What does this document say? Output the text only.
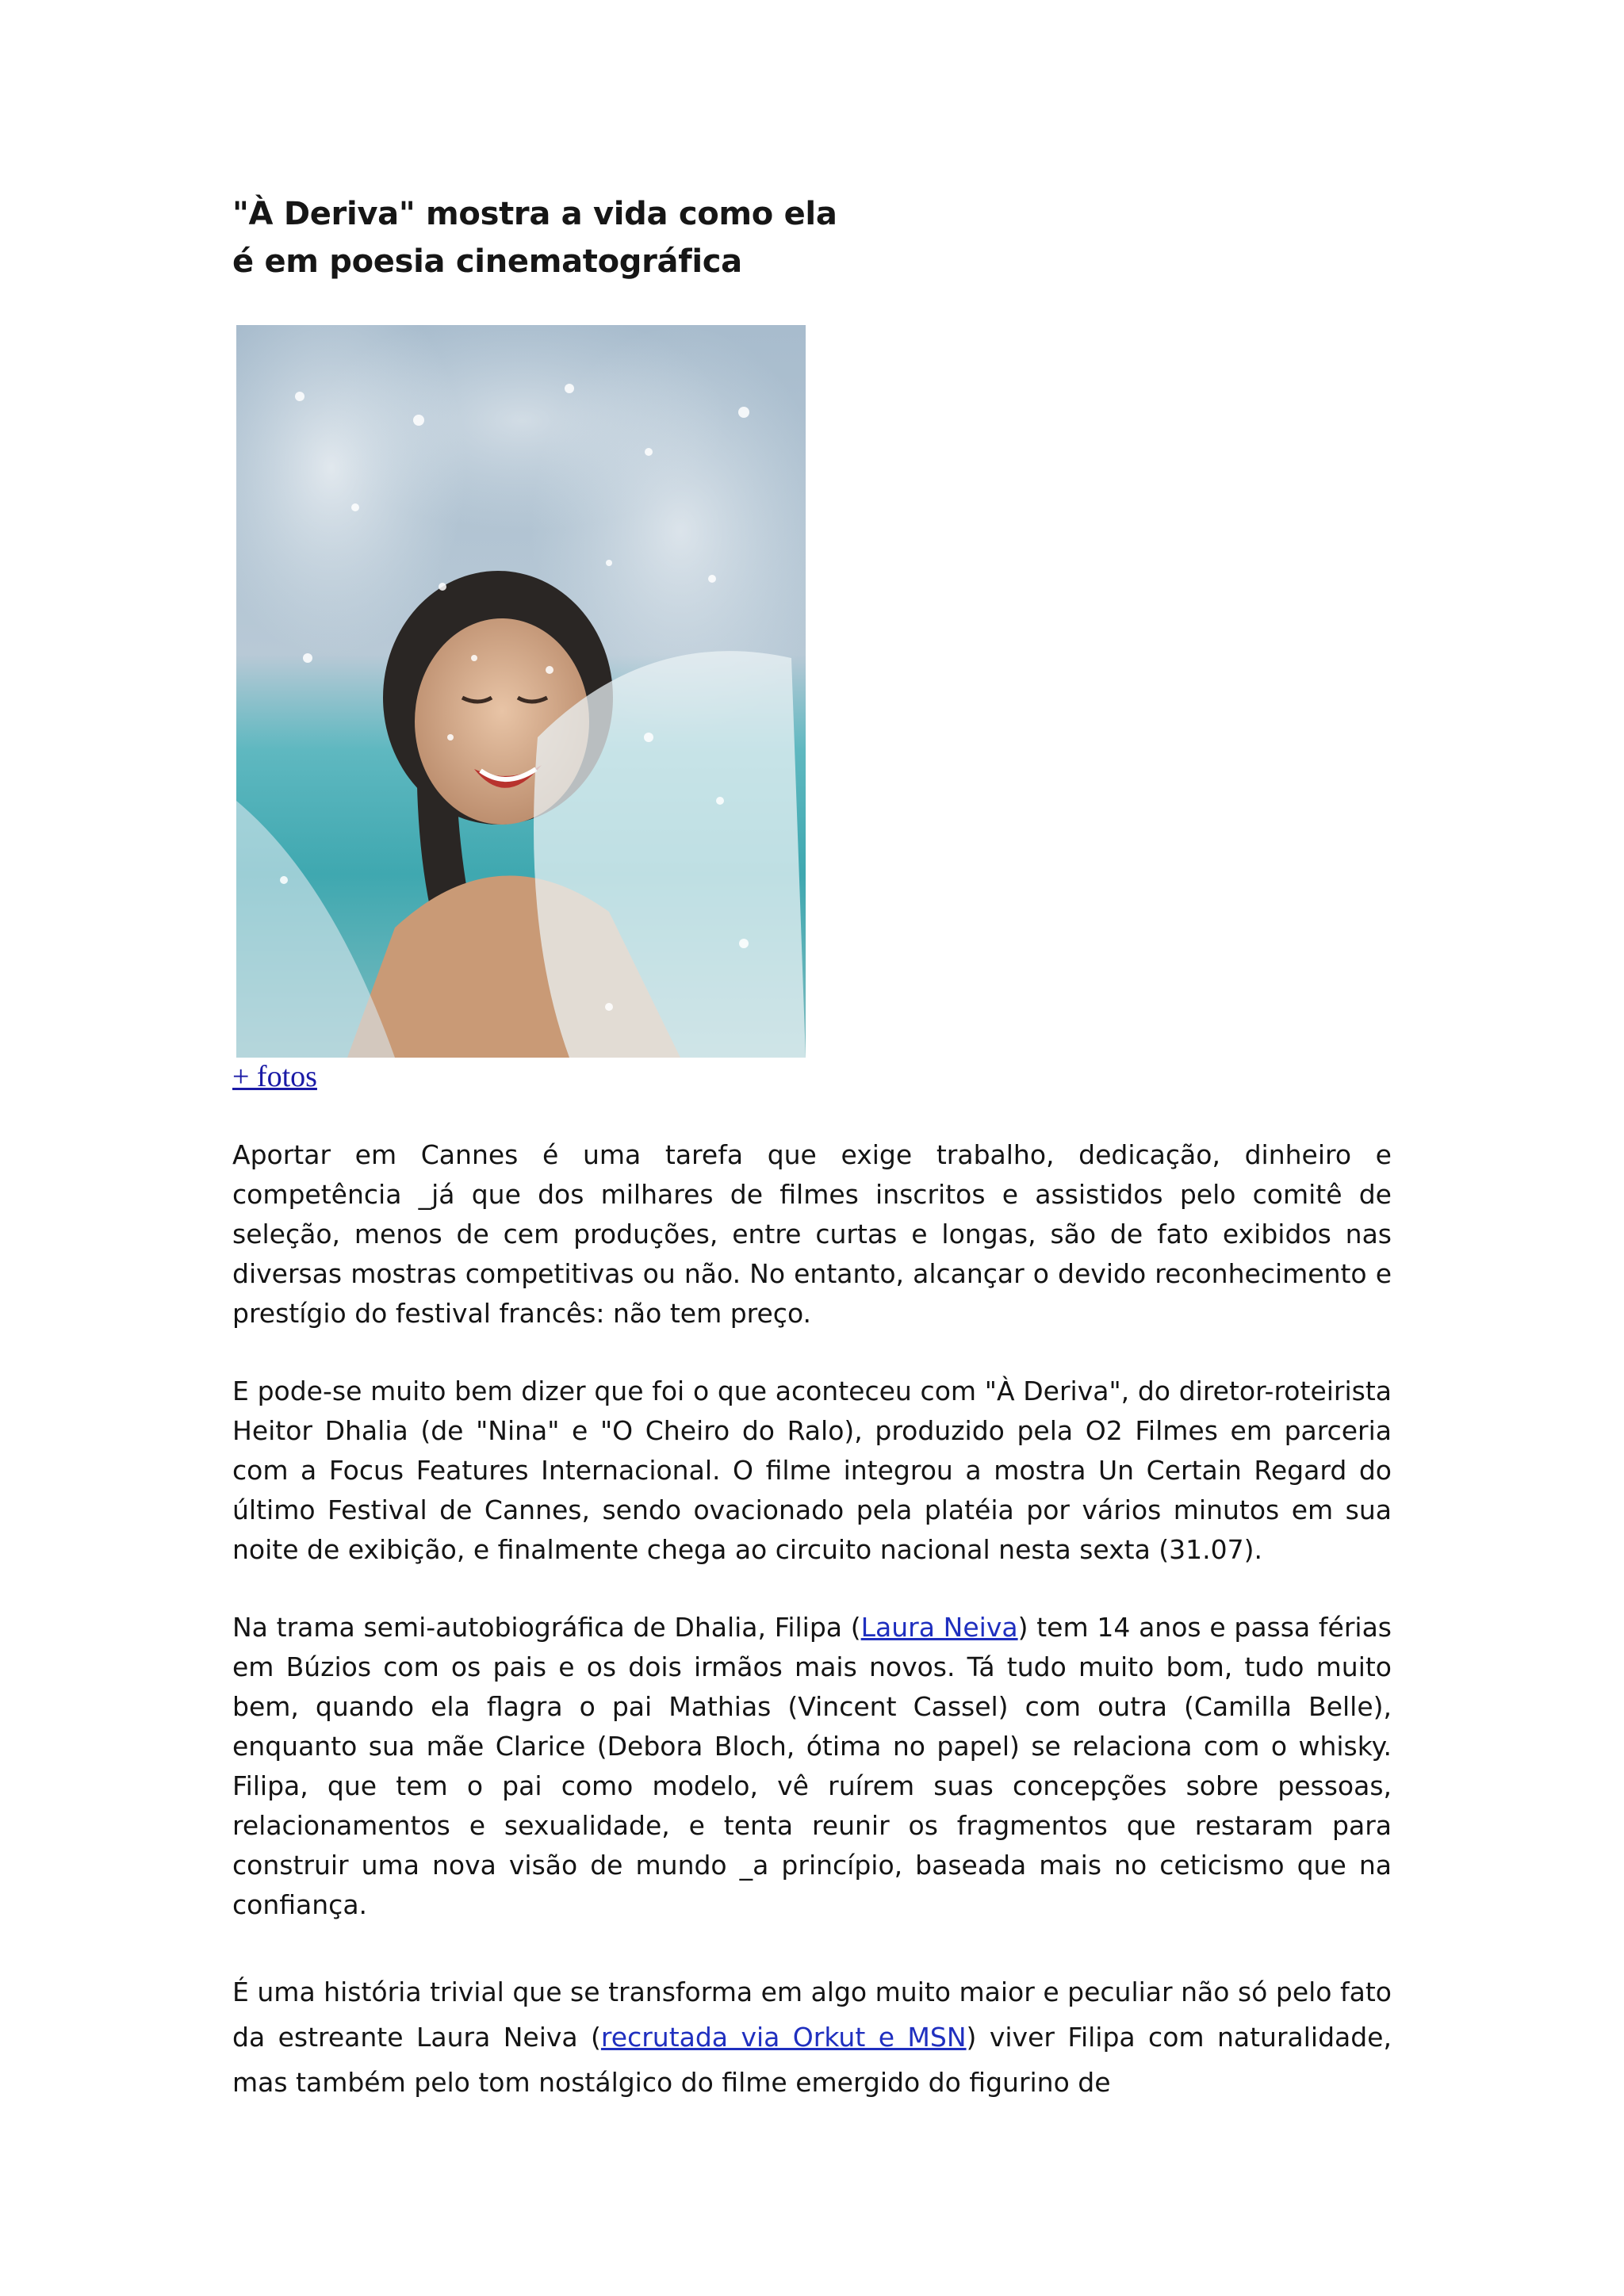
"À Deriva" mostra a vida como ela
é em poesia cinematográfica
+ fotos

Aportar em Cannes é uma tarefa que exige trabalho, dedicação, dinheiro e competência _já que dos milhares de filmes inscritos e assistidos pelo comitê de seleção, menos de cem produções, entre curtas e longas, são de fato exibidos nas diversas mostras competitivas ou não. No entanto, alcançar o devido reconhecimento e prestígio do festival francês: não tem preço.

E pode-se muito bem dizer que foi o que aconteceu com "À Deriva", do diretor-roteirista Heitor Dhalia (de "Nina" e "O Cheiro do Ralo), produzido pela O2 Filmes em parceria com a Focus Features Internacional. O filme integrou a mostra Un Certain Regard do último Festival de Cannes, sendo ovacionado pela platéia por vários minutos em sua noite de exibição, e finalmente chega ao circuito nacional nesta sexta (31.07).

Na trama semi-autobiográfica de Dhalia, Filipa (Laura Neiva) tem 14 anos e passa férias em Búzios com os pais e os dois irmãos mais novos. Tá tudo muito bom, tudo muito bem, quando ela flagra o pai Mathias (Vincent Cassel) com outra (Camilla Belle), enquanto sua mãe Clarice (Debora Bloch, ótima no papel) se relaciona com o whisky. Filipa, que tem o pai como modelo, vê ruírem suas concepções sobre pessoas, relacionamentos e sexualidade, e tenta reunir os fragmentos que restaram para construir uma nova visão de mundo _a princípio, baseada mais no ceticismo que na confiança.

É uma história trivial que se transforma em algo muito maior e peculiar não só pelo fato da estreante Laura Neiva (recrutada via Orkut e MSN) viver Filipa com naturalidade, mas também pelo tom nostálgico do filme emergido do figurino de
